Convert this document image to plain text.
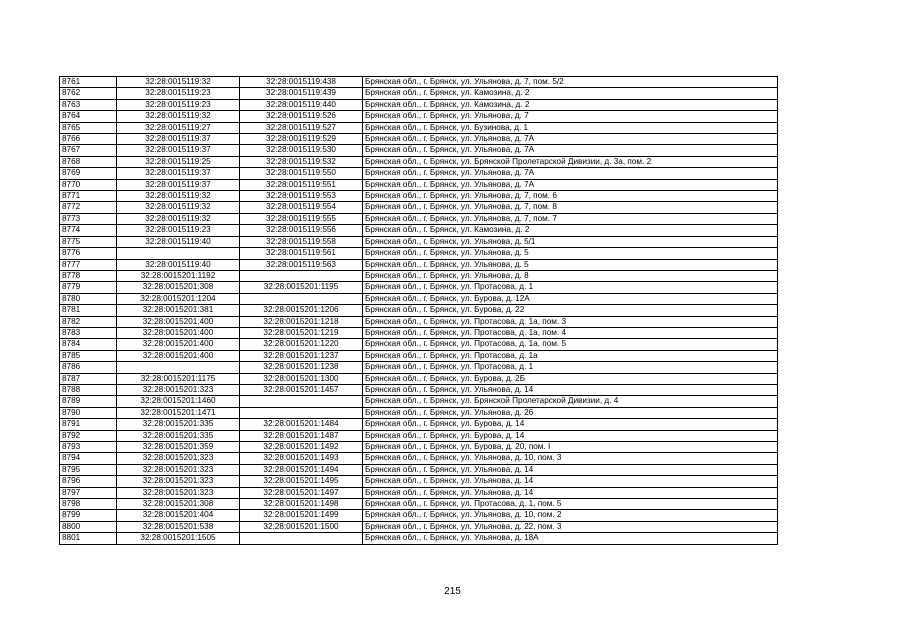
8761	32:28:0015119:32	32:28:0015119:438	Брянская обл., г. Брянск, ул. Ульянова, д. 7, пом. 5/2
8762	32:28:0015119:23	32:28:0015119:439	Брянская обл., г. Брянск, ул. Камозина, д. 2
8763	32:28:0015119:23	32:28:0015119:440	Брянская обл., г. Брянск, ул. Камозина, д. 2
8764	32:28:0015119:32	32:28:0015119:526	Брянская обл., г. Брянск, ул. Ульянова, д. 7
8765	32:28:0015119:27	32:28:0015119:527	Брянская обл., г. Брянск, ул. Бузинова, д. 1
8766	32:28:0015119:37	32:28:0015119:529	Брянская обл., г. Брянск, ул. Ульянова, д. 7А
8767	32:28:0015119:37	32:28:0015119:530	Брянская обл., г. Брянск, ул. Ульянова, д. 7А
8768	32:28:0015119:25	32:28:0015119:532	Брянская обл., г. Брянск, ул. Брянской Пролетарской Дивизии, д. 3а, пом. 2
8769	32:28:0015119:37	32:28:0015119:550	Брянская обл., г. Брянск, ул. Ульянова, д. 7А
8770	32:28:0015119:37	32:28:0015119:551	Брянская обл., г. Брянск, ул. Ульянова, д. 7А
8771	32:28:0015119:32	32:28:0015119:553	Брянская обл., г. Брянск, ул. Ульянова, д. 7, пом. 6
8772	32:28:0015119:32	32:28:0015119:554	Брянская обл., г. Брянск, ул. Ульянова, д. 7, пом. 8
8773	32:28:0015119:32	32:28:0015119:555	Брянская обл., г. Брянск, ул. Ульянова, д. 7, пом. 7
8774	32:28:0015119:23	32:28:0015119:556	Брянская обл., г. Брянск, ул. Камозина, д. 2
8775	32:28:0015119:40	32:28:0015119:558	Брянская обл., г. Брянск, ул. Ульянова, д. 5/1
8776		32:28:0015119:561	Брянская обл., г. Брянск, ул. Ульянова, д. 5
8777	32:28:0015119:40	32:28:0015119:563	Брянская обл., г. Брянск, ул. Ульянова, д. 5
8778	32:28:0015201:1192		Брянская обл., г. Брянск, ул. Ульянова, д. 8
8779	32:28:0015201:308	32:28:0015201:1195	Брянская обл., г. Брянск, ул. Протасова, д. 1
8780	32:28:0015201:1204		Брянская обл., г. Брянск, ул. Бурова, д. 12А
8781	32:28:0015201:381	32:28:0015201:1206	Брянская обл., г. Брянск, ул. Бурова, д. 22
8782	32:28:0015201:400	32:28:0015201:1218	Брянская обл., г. Брянск, ул. Протасова, д. 1а, пом. 3
8783	32:28:0015201:400	32:28:0015201:1219	Брянская обл., г. Брянск, ул. Протасова, д. 1а, пом. 4
8784	32:28:0015201:400	32:28:0015201:1220	Брянская обл., г. Брянск, ул. Протасова, д. 1а, пом. 5
8785	32:28:0015201:400	32:28:0015201:1237	Брянская обл., г. Брянск, ул. Протасова, д. 1а
8786		32:28:0015201:1238	Брянская обл., г. Брянск, ул. Протасова, д. 1
8787	32:28:0015201:1175	32:28:0015201:1300	Брянская обл., г. Брянск, ул. Бурова, д. 2Б
8788	32:28:0015201:323	32:28:0015201:1457	Брянская обл., г. Брянск, ул. Ульянова, д. 14
8789	32:28:0015201:1460		Брянская обл., г. Брянск, ул. Брянской Пролетарской Дивизии, д. 4
8790	32:28:0015201:1471		Брянская обл., г. Брянск, ул. Ульянова, д. 26
8791	32:28:0015201:335	32:28:0015201:1484	Брянская обл., г. Брянск, ул. Бурова, д. 14
8792	32:28:0015201:335	32:28:0015201:1487	Брянская обл., г. Брянск, ул. Бурова, д. 14
8793	32:28:0015201:359	32:28:0015201:1492	Брянская обл., г. Брянск, ул. Бурова, д. 20, пом. I
8794	32:28:0015201:323	32:28:0015201:1493	Брянская обл., г. Брянск, ул. Ульянова, д. 10, пом. 3
8795	32:28:0015201:323	32:28:0015201:1494	Брянская обл., г. Брянск, ул. Ульянова, д. 14
8796	32:28:0015201:323	32:28:0015201:1495	Брянская обл., г. Брянск, ул. Ульянова, д. 14
8797	32:28:0015201:323	32:28:0015201:1497	Брянская обл., г. Брянск, ул. Ульянова, д. 14
8798	32:28:0015201:308	32:28:0015201:1498	Брянская обл., г. Брянск, ул. Протасова, д. 1, пом. 5
8799	32:28:0015201:404	32:28:0015201:1499	Брянская обл., г. Брянск, ул. Ульянова, д. 10, пом. 2
8800	32:28:0015201:538	32:28:0015201:1500	Брянская обл., г. Брянск, ул. Ульянова, д. 22, пом. 3
8801	32:28:0015201:1505		Брянская обл., г. Брянск, ул. Ульянова, д. 18А
215
